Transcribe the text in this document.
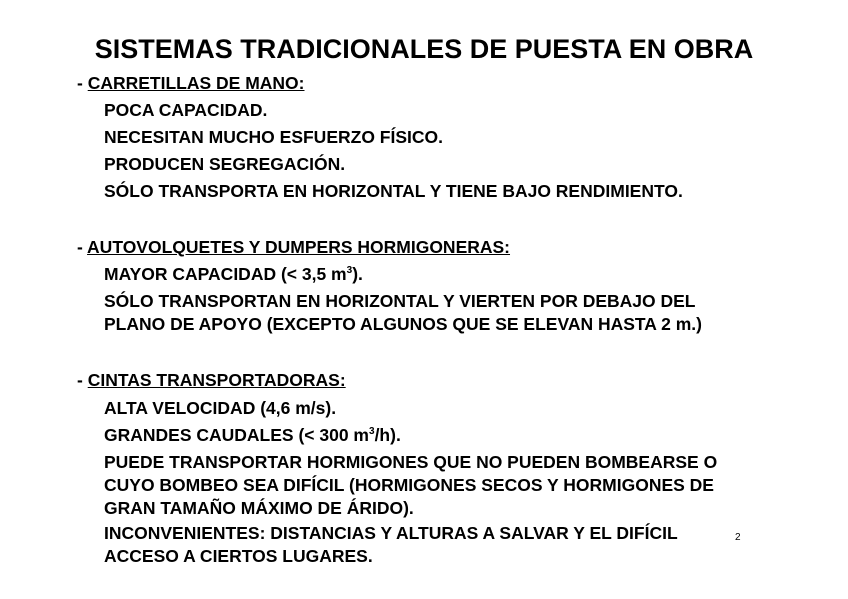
SISTEMAS TRADICIONALES DE PUESTA EN OBRA
- CARRETILLAS DE MANO:
POCA CAPACIDAD.
NECESITAN MUCHO ESFUERZO FÍSICO.
PRODUCEN SEGREGACIÓN.
SÓLO TRANSPORTA EN HORIZONTAL Y TIENE BAJO RENDIMIENTO.
- AUTOVOLQUETES Y DUMPERS HORMIGONERAS:
MAYOR CAPACIDAD (< 3,5 $m^3$).
SÓLO TRANSPORTAN EN HORIZONTAL Y VIERTEN POR DEBAJO DEL
PLANO DE APOYO (EXCEPTO ALGUNOS QUE SE ELEVAN HASTA 2 m.)
- CINTAS TRANSPORTADORAS:
ALTA VELOCIDAD (4,6 m/s).
GRANDES CAUDALES (< 300 $m^3/h$).
PUEDE TRANSPORTAR HORMIGONES QUE NO PUEDEN BOMBEARSE O
CUYO BOMBEO SEA DIFÍCIL (HORMIGONES SECOS Y HORMIGONES DE
GRAN TAMAÑO MÁXIMO DE ÁRIDO).
INCONVENIENTES: DISTANCIAS Y ALTURAS A SALVAR Y EL DIFÍCIL
ACCESO A CIERTOS LUGARES.
2
